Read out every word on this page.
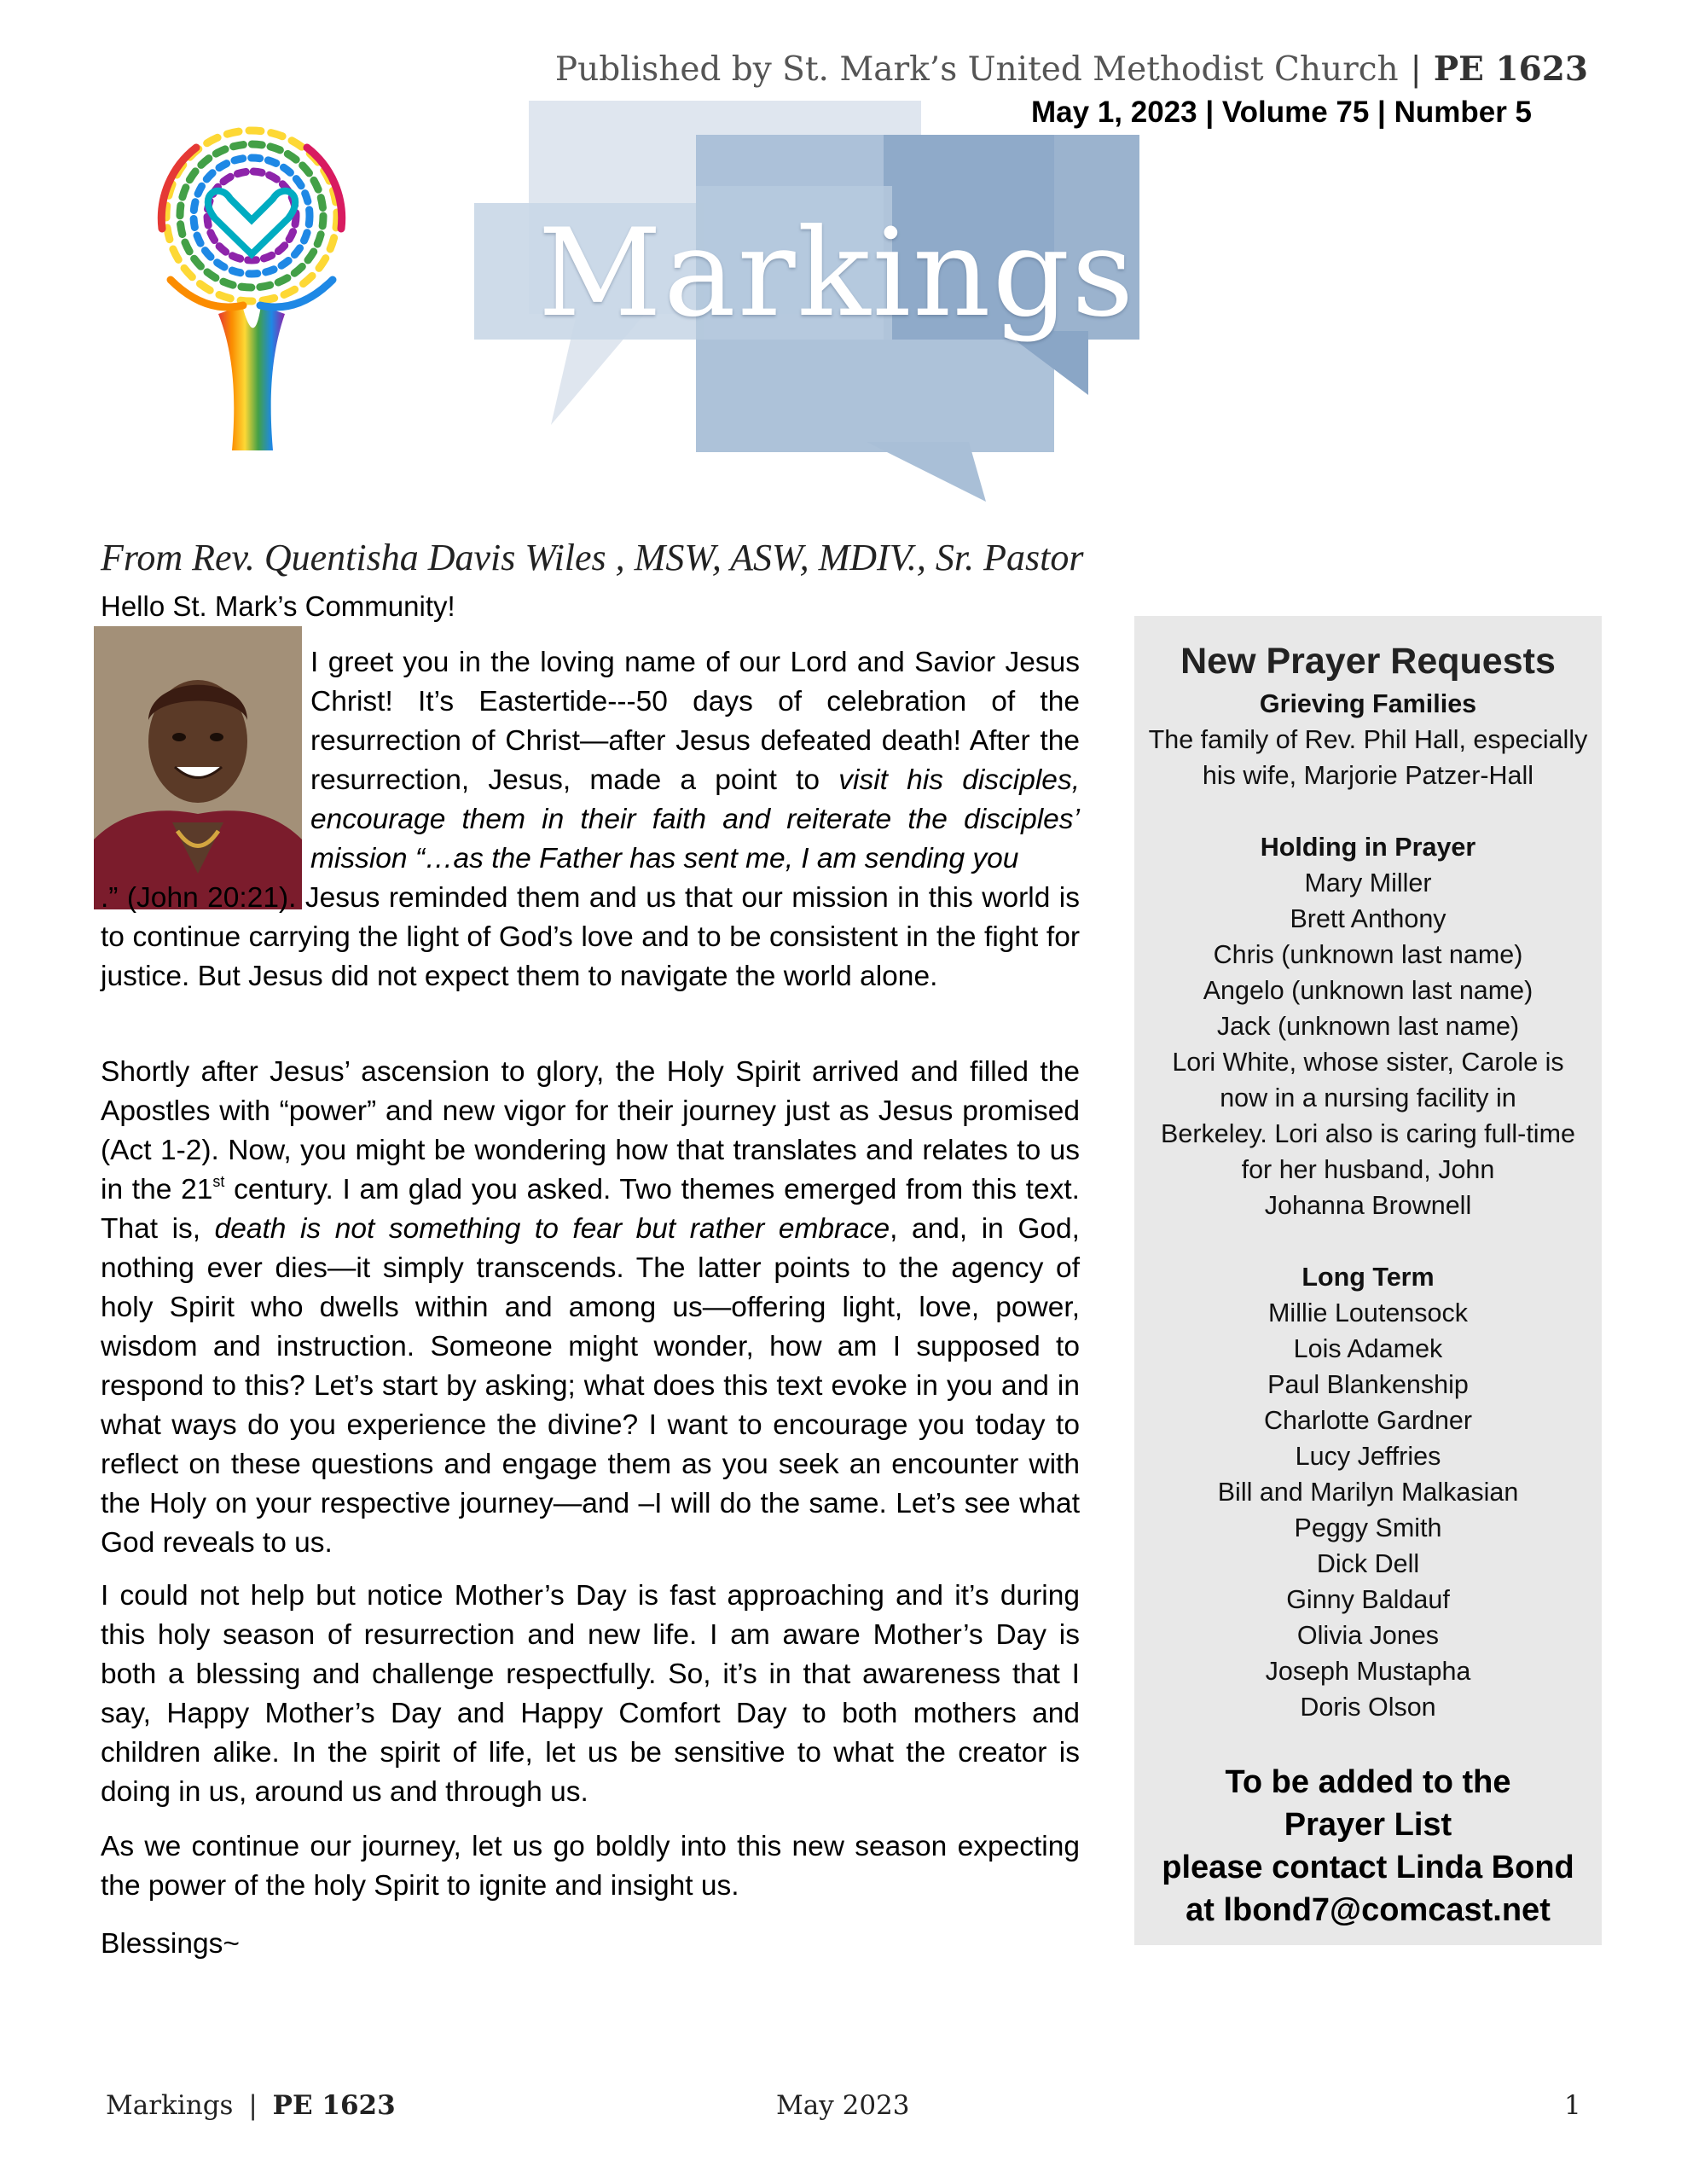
Published by St. Mark’s United Methodist Church | PE 1623
May 1, 2023 | Volume 75 | Number 5
Markings
From Rev. Quentisha Davis Wiles , MSW, ASW, MDIV., Sr. Pastor
Hello St. Mark’s Community!

I greet you in the loving name of our Lord and Savior Jesus Christ! It’s Eastertide---50 days of celebration of the resurrection of Christ—after Jesus defeated death! After the resurrection, Jesus, made a point to visit his disciples, encourage them in their faith and reiterate the disciples’ mission “…as the Father has sent me, I am sending you

.” (John 20:21). Jesus reminded them and us that our mission in this world is to continue carrying the light of God’s love and to be consistent in the fight for justice. But Jesus did not expect them to navigate the world alone.

Shortly after Jesus’ ascension to glory, the Holy Spirit arrived and filled the Apostles with “power” and new vigor for their journey just as Jesus promised (Act 1-2). Now, you might be wondering how that translates and relates to us in the 21st century. I am glad you asked. Two themes emerged from this text. That is, death is not something to fear but rather embrace, and, in God, nothing ever dies—it simply transcends. The latter points to the agency of holy Spirit who dwells within and among us—offering light, love, power, wisdom and instruction. Someone might wonder, how am I supposed to respond to this? Let’s start by asking; what does this text evoke in you and in what ways do you experience the divine? I want to encourage you today to reflect on these questions and engage them as you seek an encounter with the Holy on your respective journey—and –I will do the same. Let’s see what God reveals to us.

I could not help but notice Mother’s Day is fast approaching and it’s during this holy season of resurrection and new life. I am aware Mother’s Day is both a blessing and challenge respectfully. So, it’s in that awareness that I say, Happy Mother’s Day and Happy Comfort Day to both mothers and children alike. In the spirit of life, let us be sensitive to what the creator is doing in us, around us and through us.
As we continue our journey, let us go boldly into this new season expecting the power of the holy Spirit to ignite and insight us.
Blessings~
New Prayer Requests
Grieving Families
The family of Rev. Phil Hall, especially
his wife, Marjorie Patzer-Hall
Holding in Prayer
Mary Miller
Brett Anthony
Chris (unknown last name)
Angelo (unknown last name)
Jack (unknown last name)
Lori White, whose sister, Carole is
now in a nursing facility in
Berkeley. Lori also is caring full-time
for her husband, John
Johanna Brownell
Long Term
Millie Loutensock
Lois Adamek
Paul Blankenship
Charlotte Gardner
Lucy Jeffries
Bill and Marilyn Malkasian
Peggy Smith
Dick Dell
Ginny Baldauf
Olivia Jones
Joseph Mustapha
Doris Olson
To be added to the
Prayer List
please contact Linda Bond
at lbond7@comcast.net
Markings | PE 1623	May 2023	1
